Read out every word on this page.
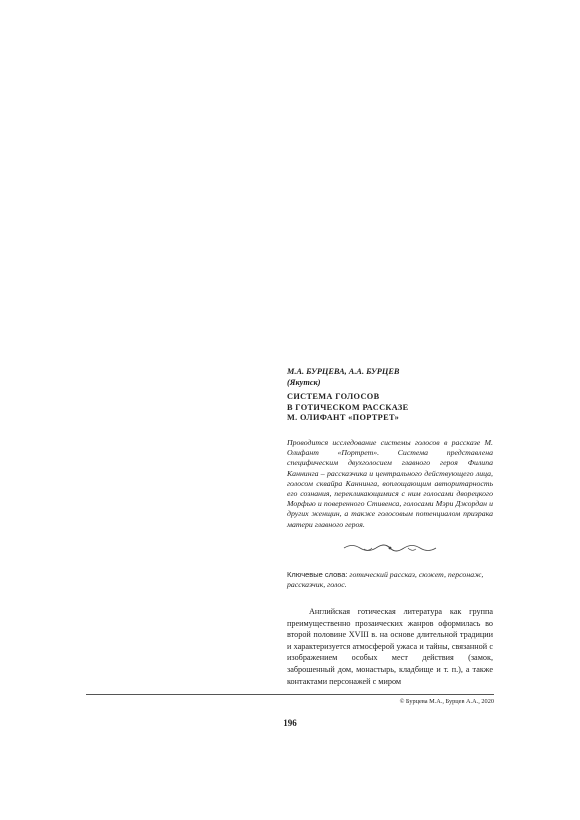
М.А. БУРЦЕВА, А.А. БУРЦЕВ
(Якутск)

СИСТЕМА ГОЛОСОВ
В ГОТИЧЕСКОМ РАССКАЗЕ
М. ОЛИФАНТ «ПОРТРЕТ»

Проводится исследование системы голосов в рассказе М. Олифант «Портрет». Система представлена специфическим двухголосием главного героя Филипа Каннинга – рассказчика и центрального действующего лица, голосом сквайра Каннинга, воплощающим авторитарность его сознания, перекликающимися с ним голосами дворецкого Морфью и поверенного Стивенса, голосами Мэри Джордан и других женщин, а также голосовым потенциалом призрака матери главного героя.

Ключевые слова: готический рассказ, сюжет, персонаж, рассказчик, голос.

Английская готическая литература как группа преимущественно прозаических жанров оформилась во второй половине XVIII в. на основе длительной традиции и характеризуется атмосферой ужаса и тайны, связанной с изображением особых мест действия (замок, заброшенный дом, монастырь, кладбище и т. п.), а также контактами персонажей с миром

© Бурцева М.А., Бурцев А.А., 2020

196
